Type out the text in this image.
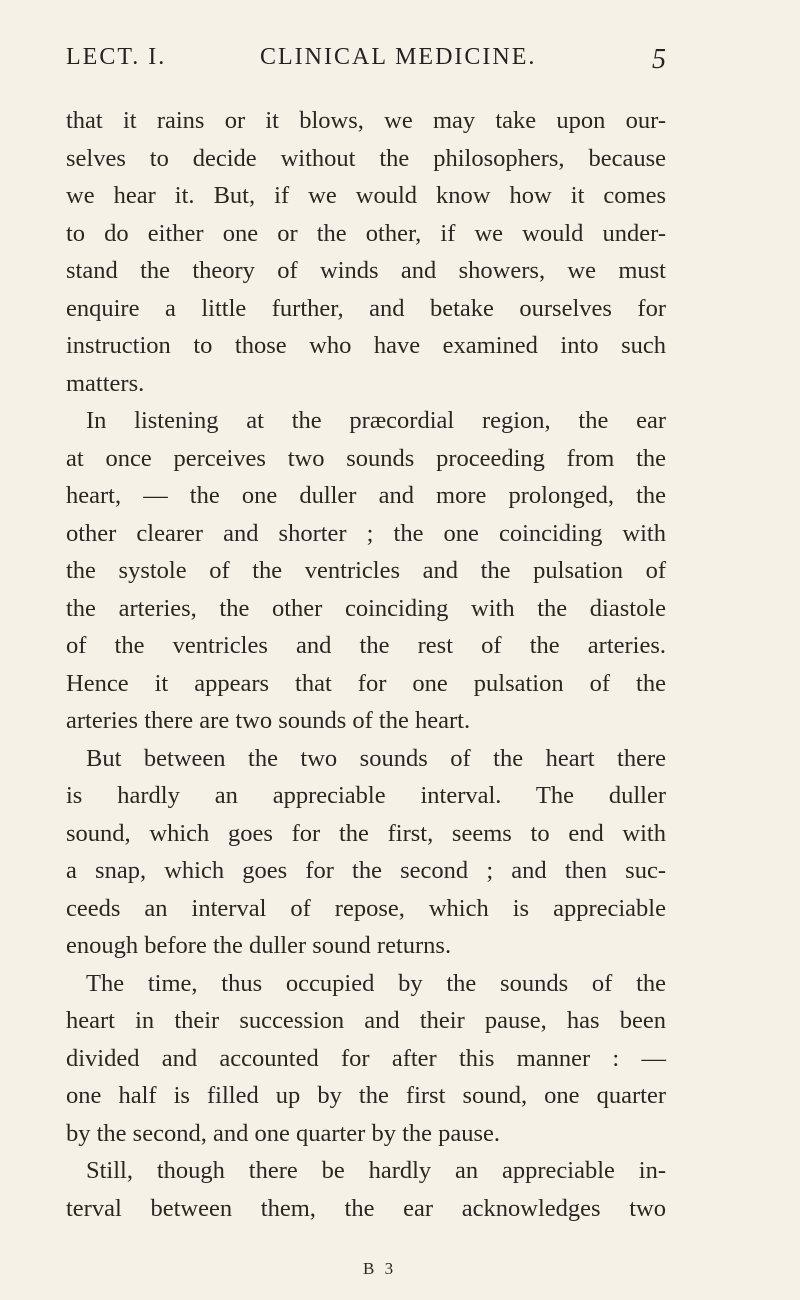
LECT. I.	CLINICAL MEDICINE.	5
that it rains or it blows, we may take upon our-
selves to decide without the philosophers, because
we hear it. But, if we would know how it comes
to do either one or the other, if we would under-
stand the theory of winds and showers, we must
enquire a little further, and betake ourselves for
instruction to those who have examined into such
matters.
In listening at the præcordial region, the ear
at once perceives two sounds proceeding from the
heart, — the one duller and more prolonged, the
other clearer and shorter ; the one coinciding with
the systole of the ventricles and the pulsation of
the arteries, the other coinciding with the diastole
of the ventricles and the rest of the arteries.
Hence it appears that for one pulsation of the
arteries there are two sounds of the heart.
But between the two sounds of the heart there
is hardly an appreciable interval. The duller
sound, which goes for the first, seems to end with
a snap, which goes for the second ; and then suc-
ceeds an interval of repose, which is appreciable
enough before the duller sound returns.
The time, thus occupied by the sounds of the
heart in their succession and their pause, has been
divided and accounted for after this manner : —
one half is filled up by the first sound, one quarter
by the second, and one quarter by the pause.
Still, though there be hardly an appreciable in-
terval between them, the ear acknowledges two
B 3
